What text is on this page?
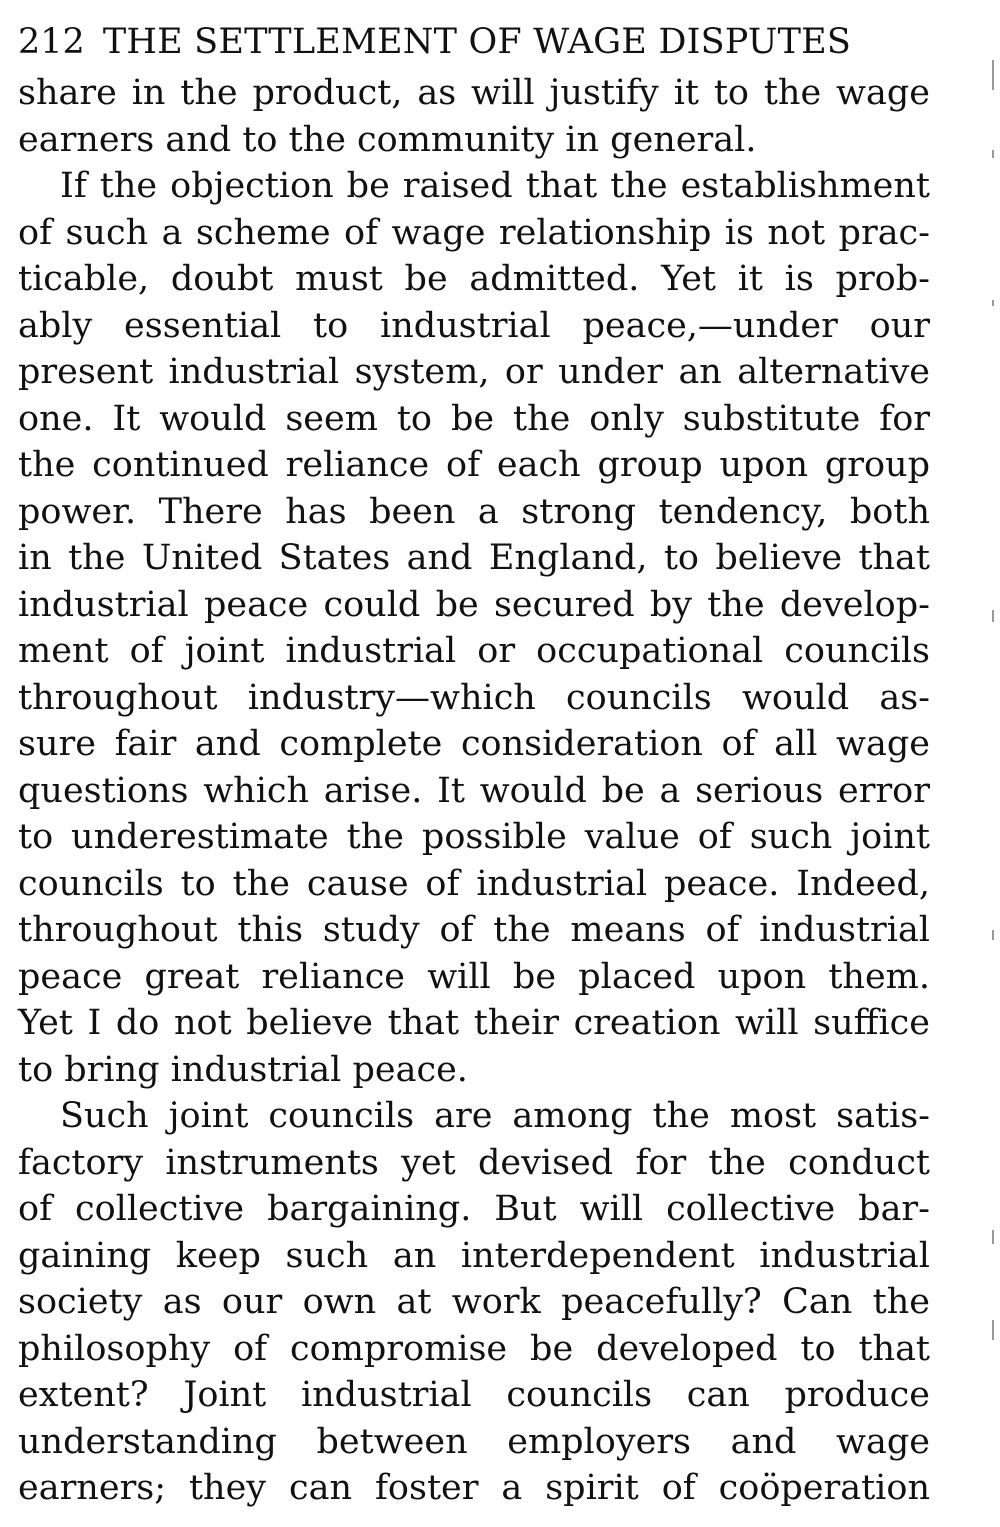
212 THE SETTLEMENT OF WAGE DISPUTES
share in the product, as will justify it to the wage
earners and to the community in general.
If the objection be raised that the establishment
of such a scheme of wage relationship is not prac-
ticable, doubt must be admitted. Yet it is prob-
ably essential to industrial peace,—under our
present industrial system, or under an alternative
one. It would seem to be the only substitute for
the continued reliance of each group upon group
power. There has been a strong tendency, both
in the United States and England, to believe that
industrial peace could be secured by the develop-
ment of joint industrial or occupational councils
throughout industry—which councils would as-
sure fair and complete consideration of all wage
questions which arise. It would be a serious error
to underestimate the possible value of such joint
councils to the cause of industrial peace. Indeed,
throughout this study of the means of industrial
peace great reliance will be placed upon them.
Yet I do not believe that their creation will suffice
to bring industrial peace.
Such joint councils are among the most satis-
factory instruments yet devised for the conduct
of collective bargaining. But will collective bar-
gaining keep such an interdependent industrial
society as our own at work peacefully? Can the
philosophy of compromise be developed to that
extent? Joint industrial councils can produce
understanding between employers and wage
earners; they can foster a spirit of coöperation
